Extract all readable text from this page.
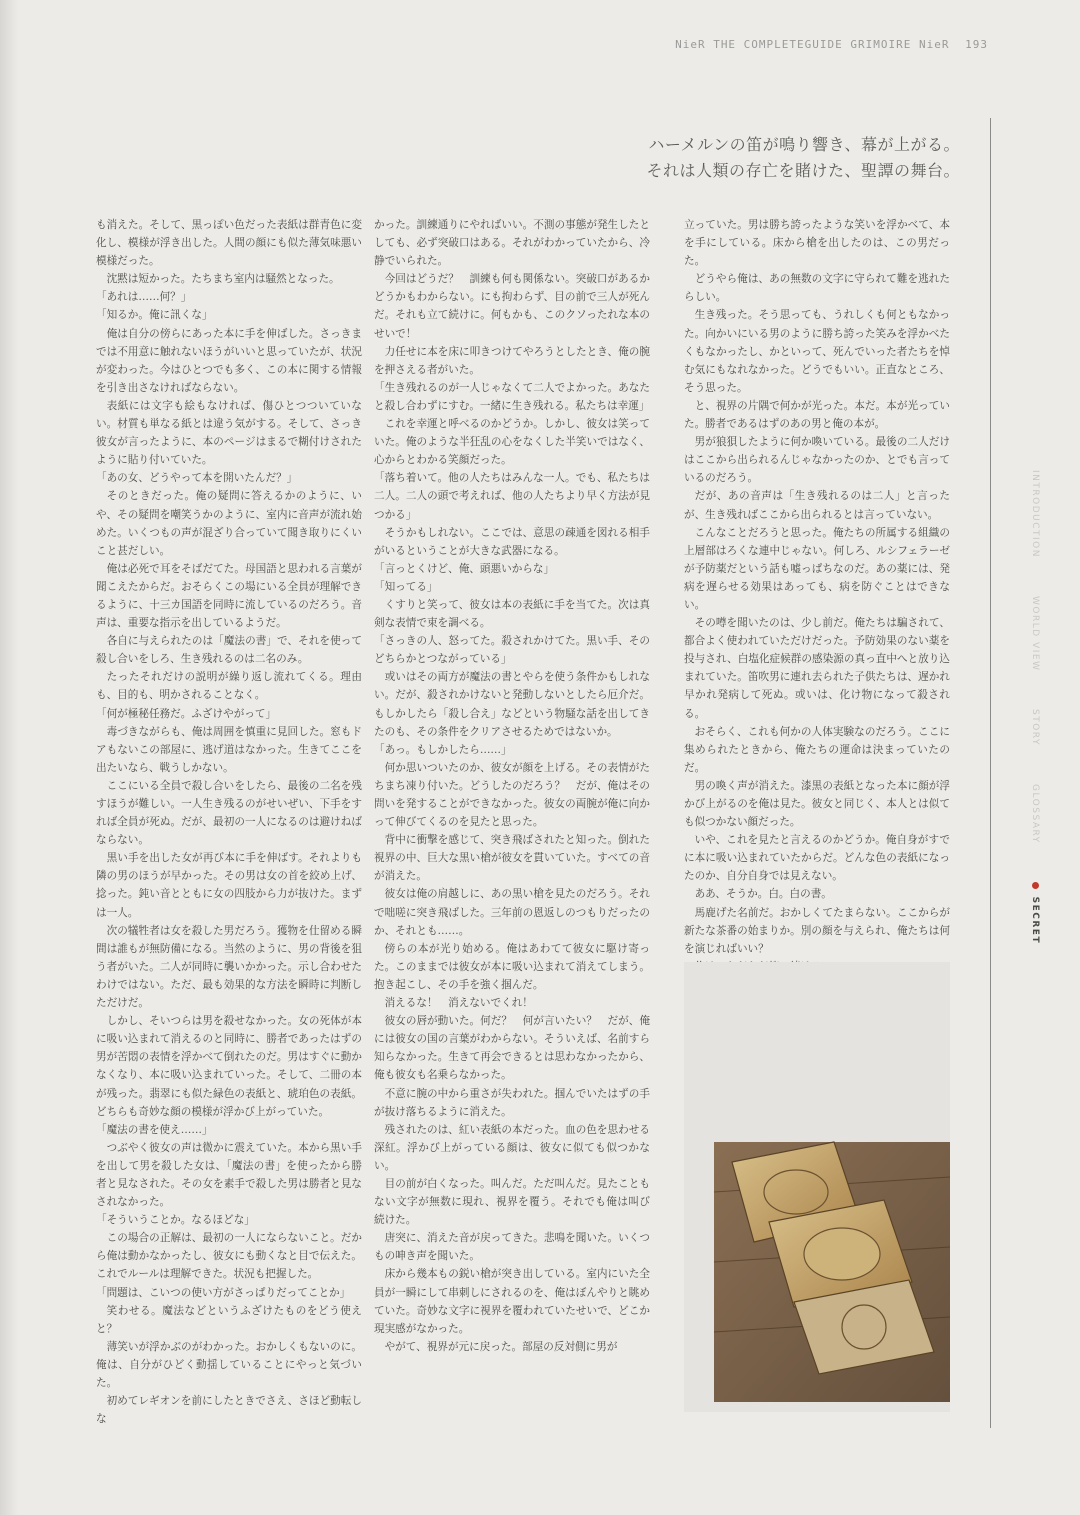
NieR THE COMPLETEGUIDE GRIMOIRE NieR 193
ハーメルンの笛が鳴り響き、幕が上がる。
それは人類の存亡を賭けた、聖譚の舞台。

も消えた。そして、黒っぽい色だった表紙は群青色に変化し、模様が浮き出した。人間の顔にも似た薄気味悪い模様だった。

沈黙は短かった。たちまち室内は騒然となった。

「あれは……何？」

「知るか。俺に訊くな」

俺は自分の傍らにあった本に手を伸ばした。さっきまでは不用意に触れないほうがいいと思っていたが、状況が変わった。今はひとつでも多く、この本に関する情報を引き出さなければならない。

表紙には文字も絵もなければ、傷ひとつついていない。材質も単なる紙とは違う気がする。そして、さっき彼女が言ったように、本のページはまるで糊付けされたように貼り付いていた。

「あの女、どうやって本を開いたんだ？」

そのときだった。俺の疑問に答えるかのように、いや、その疑問を嘲笑うかのように、室内に音声が流れ始めた。いくつもの声が混ざり合っていて聞き取りにくいこと甚だしい。

俺は必死で耳をそばだてた。母国語と思われる言葉が聞こえたからだ。おそらくこの場にいる全員が理解できるように、十三カ国語を同時に流しているのだろう。音声は、重要な指示を出しているようだ。

各自に与えられたのは「魔法の書」で、それを使って殺し合いをしろ、生き残れるのは二名のみ。

たったそれだけの説明が繰り返し流れてくる。理由も、目的も、明かされることなく。

「何が極秘任務だ。ふざけやがって」

毒づきながらも、俺は周囲を慎重に見回した。窓もドアもないこの部屋に、逃げ道はなかった。生きてここを出たいなら、戦うしかない。

ここにいる全員で殺し合いをしたら、最後の二名を残すほうが難しい。一人生き残るのがせいぜい、下手をすれば全員が死ぬ。だが、最初の一人になるのは避けねばならない。

黒い手を出した女が再び本に手を伸ばす。それよりも隣の男のほうが早かった。その男は女の首を絞め上げ、捻った。鈍い音とともに女の四肢から力が抜けた。まずは一人。

次の犠牲者は女を殺した男だろう。獲物を仕留める瞬間は誰もが無防備になる。当然のように、男の背後を狙う者がいた。二人が同時に襲いかかった。示し合わせたわけではない。ただ、最も効果的な方法を瞬時に判断しただけだ。

しかし、そいつらは男を殺せなかった。女の死体が本に吸い込まれて消えるのと同時に、勝者であったはずの男が苦悶の表情を浮かべて倒れたのだ。男はすぐに動かなくなり、本に吸い込まれていった。そして、二冊の本が残った。翡翠にも似た緑色の表紙と、琥珀色の表紙。どちらも奇妙な顔の模様が浮かび上がっていた。

「魔法の書を使え……」

つぶやく彼女の声は微かに震えていた。本から黒い手を出して男を殺した女は、「魔法の書」を使ったから勝者と見なされた。その女を素手で殺した男は勝者と見なされなかった。

「そういうことか。なるほどな」

この場合の正解は、最初の一人にならないこと。だから俺は動かなかったし、彼女にも動くなと目で伝えた。これでルールは理解できた。状況も把握した。

「問題は、こいつの使い方がさっぱりだってことか」

笑わせる。魔法などというふざけたものをどう使えと？

薄笑いが浮かぶのがわかった。おかしくもないのに。俺は、自分がひどく動揺していることにやっと気づいた。

初めてレギオンを前にしたときでさえ、さほど動転しな

かった。訓練通りにやればいい。不測の事態が発生したとしても、必ず突破口はある。それがわかっていたから、冷静でいられた。

今回はどうだ？　訓練も何も関係ない。突破口があるかどうかもわからない。にも拘わらず、目の前で三人が死んだ。それも立て続けに。何もかも、このクソったれな本のせいで！

力任せに本を床に叩きつけてやろうとしたとき、俺の腕を押さえる者がいた。

「生き残れるのが一人じゃなくて二人でよかった。あなたと殺し合わずにすむ。一緒に生き残れる。私たちは幸運」

これを幸運と呼べるのかどうか。しかし、彼女は笑っていた。俺のような半狂乱の心をなくした半笑いではなく、心からとわかる笑顔だった。

「落ち着いて。他の人たちはみんな一人。でも、私たちは二人。二人の頭で考えれば、他の人たちより早く方法が見つかる」

そうかもしれない。ここでは、意思の疎通を図れる相手がいるということが大きな武器になる。

「言っとくけど、俺、頭悪いからな」

「知ってる」

くすりと笑って、彼女は本の表紙に手を当てた。次は真剣な表情で束を調べる。

「さっきの人、怒ってた。殺されかけてた。黒い手、そのどちらかとつながっている」

或いはその両方が魔法の書とやらを使う条件かもしれない。だが、殺されかけないと発動しないとしたら厄介だ。もしかしたら「殺し合え」などという物騒な話を出してきたのも、その条件をクリアさせるためではないか。

「あっ。もしかしたら……」

何か思いついたのか、彼女が顔を上げる。その表情がたちまち凍り付いた。どうしたのだろう？　だが、俺はその問いを発することができなかった。彼女の両腕が俺に向かって伸びてくるのを見たと思った。

背中に衝撃を感じて、突き飛ばされたと知った。倒れた視界の中、巨大な黒い槍が彼女を貫いていた。すべての音が消えた。

彼女は俺の肩越しに、あの黒い槍を見たのだろう。それで咄嗟に突き飛ばした。三年前の恩返しのつもりだったのか、それとも……。

傍らの本が光り始める。俺はあわてて彼女に駆け寄った。このままでは彼女が本に吸い込まれて消えてしまう。抱き起こし、その手を強く掴んだ。

消えるな！　消えないでくれ！

彼女の唇が動いた。何だ？　何が言いたい？　だが、俺には彼女の国の言葉がわからない。そういえば、名前すら知らなかった。生きて再会できるとは思わなかったから、俺も彼女も名乗らなかった。

不意に腕の中から重さが失われた。掴んでいたはずの手が抜け落ちるように消えた。

残されたのは、紅い表紙の本だった。血の色を思わせる深紅。浮かび上がっている顔は、彼女に似ても似つかない。

目の前が白くなった。叫んだ。ただ叫んだ。見たこともない文字が無数に現れ、視界を覆う。それでも俺は叫び続けた。

唐突に、消えた音が戻ってきた。悲鳴を聞いた。いくつもの呻き声を聞いた。

床から幾本もの鋭い槍が突き出している。室内にいた全員が一瞬にして串刺しにされるのを、俺はぼんやりと眺めていた。奇妙な文字に視界を覆われていたせいで、どこか現実感がなかった。

やがて、視界が元に戻った。部屋の反対側に男が

立っていた。男は勝ち誇ったような笑いを浮かべて、本を手にしている。床から槍を出したのは、この男だった。

どうやら俺は、あの無数の文字に守られて難を逃れたらしい。

生き残った。そう思っても、うれしくも何ともなかった。向かいにいる男のように勝ち誇った笑みを浮かべたくもなかったし、かといって、死んでいった者たちを悼む気にもなれなかった。どうでもいい。正直なところ、そう思った。

と、視界の片隅で何かが光った。本だ。本が光っていた。勝者であるはずのあの男と俺の本が。

男が狼狽したように何か喚いている。最後の二人だけはここから出られるんじゃなかったのか、とでも言っているのだろう。

だが、あの音声は「生き残れるのは二人」と言ったが、生き残ればここから出られるとは言っていない。

こんなことだろうと思った。俺たちの所属する組織の上層部はろくな連中じゃない。何しろ、ルシフェラーゼが予防薬だという話も嘘っぱちなのだ。あの薬には、発病を遅らせる効果はあっても、病を防ぐことはできない。

その噂を聞いたのは、少し前だ。俺たちは騙されて、都合よく使われていただけだった。予防効果のない薬を投与され、白塩化症候群の感染源の真っ直中へと放り込まれていた。笛吹男に連れ去られた子供たちは、遅かれ早かれ発病して死ぬ。或いは、化け物になって殺される。

おそらく、これも何かの人体実験なのだろう。ここに集められたときから、俺たちの運命は決まっていたのだ。

男の喚く声が消えた。漆黒の表紙となった本に顔が浮かび上がるのを俺は見た。彼女と同じく、本人とは似ても似つかない顔だった。

いや、これを見たと言えるのかどうか。俺自身がすでに本に吸い込まれていたからだ。どんな色の表紙になったのか、自分自身では見えない。

ああ、そうか。白。白の書。

馬鹿げた名前だ。おかしくてたまらない。ここからが新たな茶番の始まりか。別の顔を与えられ、俺たちは何を演じればいい？

INTRODUCTION
WORLD VIEW
STORY
GLOSSARY
SECRET
